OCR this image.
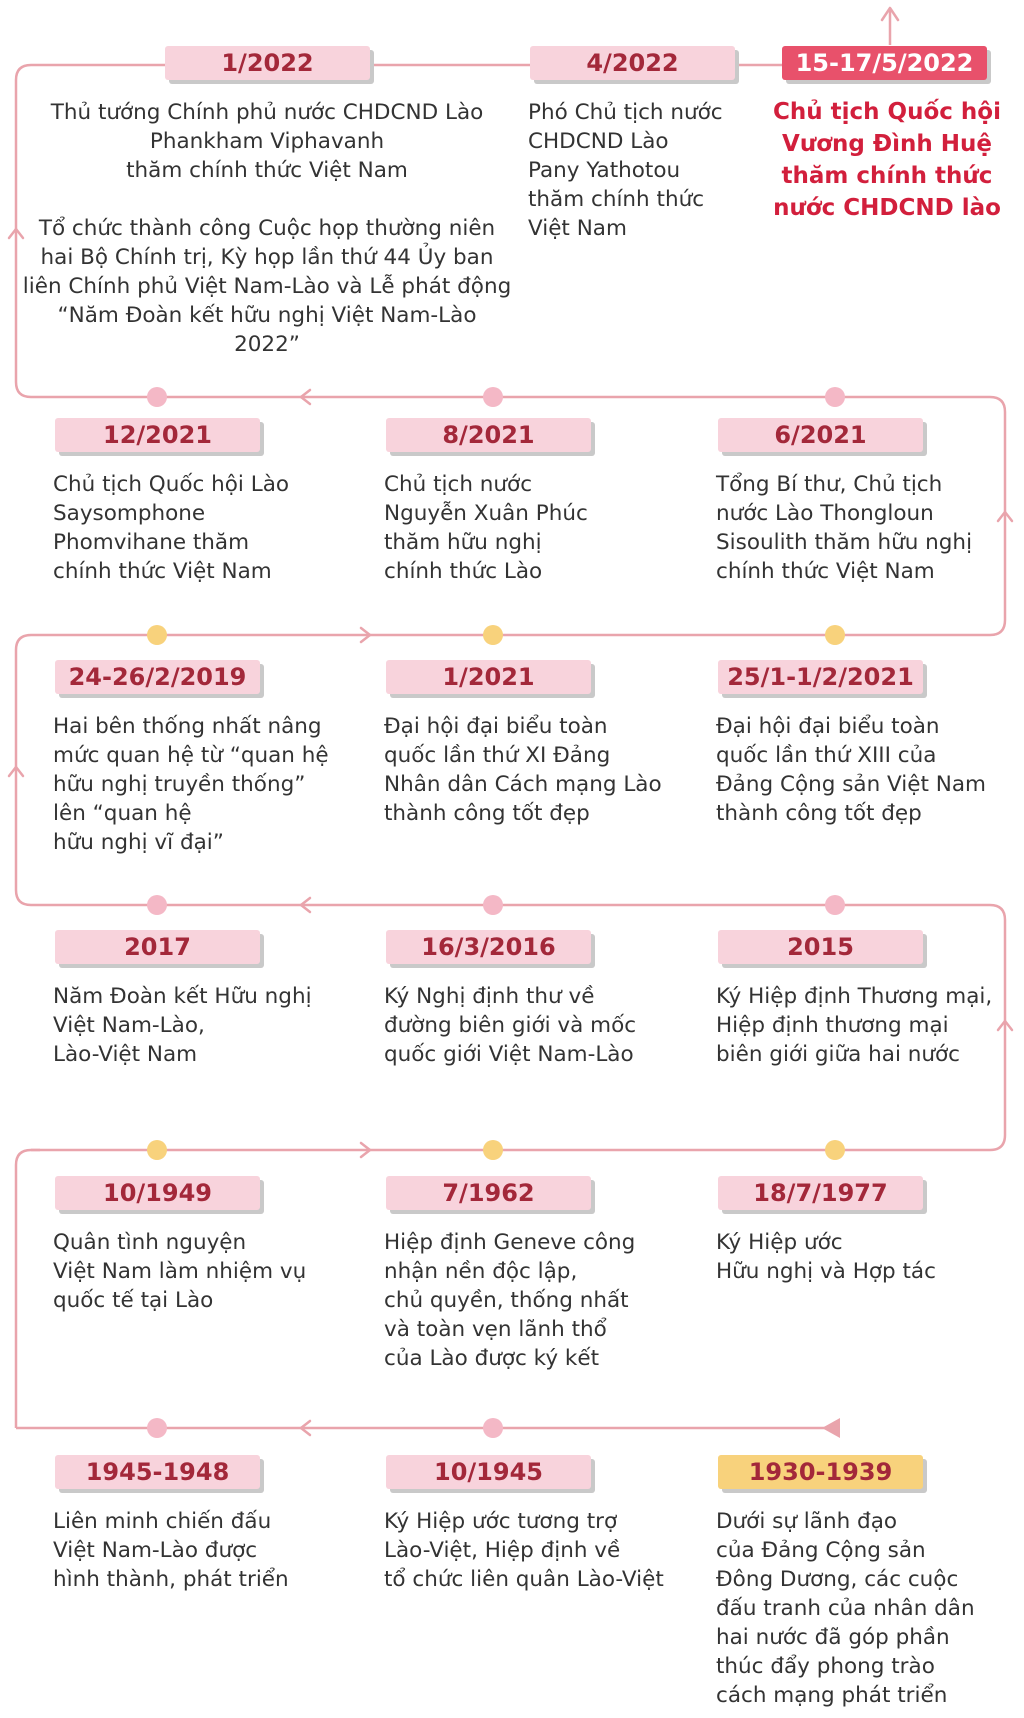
1/2022
Thủ tướng Chính phủ nước CHDCND Lào
Phankham Viphavanh
thăm chính thức Việt Nam

Tổ chức thành công Cuộc họp thường niên
hai Bộ Chính trị, Kỳ họp lần thứ 44 Ủy ban
liên Chính phủ Việt Nam-Lào và Lễ phát động
“Năm Đoàn kết hữu nghị Việt Nam-Lào 2022”
4/2022
Phó Chủ tịch nước
CHDCND Lào
Pany Yathotou
thăm chính thức
Việt Nam
15-17/5/2022
Chủ tịch Quốc hội
Vương Đình Huệ
thăm chính thức
nước CHDCND lào
12/2021
Chủ tịch Quốc hội Lào
Saysomphone
Phomvihane thăm
chính thức Việt Nam
8/2021
Chủ tịch nước
Nguyễn Xuân Phúc
thăm hữu nghị
chính thức Lào
6/2021
Tổng Bí thư, Chủ tịch
nước Lào Thongloun
Sisoulith thăm hữu nghị
chính thức Việt Nam
24-26/2/2019
Hai bên thống nhất nâng
mức quan hệ từ “quan hệ
hữu nghị truyền thống”
lên “quan hệ
hữu nghị vĩ đại”
1/2021
Đại hội đại biểu toàn
quốc lần thứ XI Đảng
Nhân dân Cách mạng Lào
thành công tốt đẹp
25/1-1/2/2021
Đại hội đại biểu toàn
quốc lần thứ XIII của
Đảng Cộng sản Việt Nam
thành công tốt đẹp
2017
Năm Đoàn kết Hữu nghị
Việt Nam-Lào,
Lào-Việt Nam
16/3/2016
Ký Nghị định thư về
đường biên giới và mốc
quốc giới Việt Nam-Lào
2015
Ký Hiệp định Thương mại,
Hiệp định thương mại
biên giới giữa hai nước
10/1949
Quân tình nguyện
Việt Nam làm nhiệm vụ
quốc tế tại Lào
7/1962
Hiệp định Geneve công
nhận nền độc lập,
chủ quyền, thống nhất
và toàn vẹn lãnh thổ
của Lào được ký kết
18/7/1977
Ký Hiệp ước
Hữu nghị và Hợp tác
1945-1948
Liên minh chiến đấu
Việt Nam-Lào được
hình thành, phát triển
10/1945
Ký Hiệp ước tương trợ
Lào-Việt, Hiệp định về
tổ chức liên quân Lào-Việt
1930-1939
Dưới sự lãnh đạo
của Đảng Cộng sản
Đông Dương, các cuộc
đấu tranh của nhân dân
hai nước đã góp phần
thúc đẩy phong trào
cách mạng phát triển
